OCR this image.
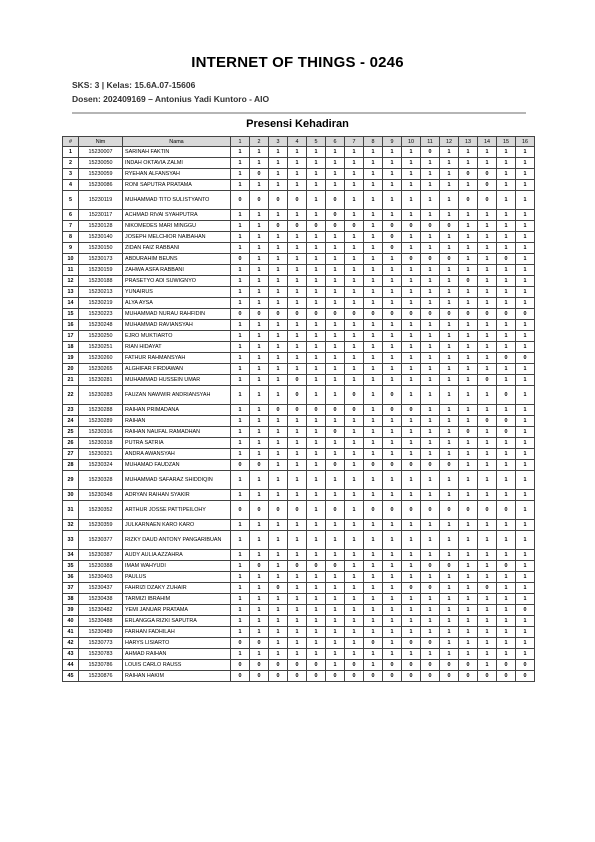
INTERNET OF THINGS - 0246
SKS: 3 | Kelas: 15.6A.07-15606
Dosen: 202409169 – Antonius Yadi Kuntoro - AIO
Presensi Kehadiran
#	Nim	Nama	1	2	3	4	5	6	7	8	9	10	11	12	13	14	15	16	
1	15230007	SARINAH FAKTIN	1	1	1	1	1	1	1	1	1	1	0	1	1	1	1	1	
2	15230050	INDAH OKTAVIA ZALMI	1	1	1	1	1	1	1	1	1	1	1	1	1	1	1	1	
3	15230059	RYEHAN ALFANSYAH	1	0	1	1	1	1	1	1	1	1	1	1	0	0	1	1	
4	15230086	RONI SAPUTRA PRATAMA	1	1	1	1	1	1	1	1	1	1	1	1	1	0	1	1	
5	15230119	MUHAMMAD TITO SULISTYANTO	0	0	0	0	1	0	1	1	1	1	1	1	0	0	1	1	
6	15230117	ACHMAD RIVAI SYAHPUTRA	1	1	1	1	1	0	1	1	1	1	1	1	1	1	1	1	
7	15230128	NIKOMEDES MARI MINGGU	1	1	0	0	0	0	0	1	0	0	0	0	1	1	1	1	
8	15230140	JOSEPH MELCHIOR NAIBAHAN	1	1	1	1	1	1	1	1	0	1	1	1	1	1	1	1	
9	15230150	ZIDAN FAIZ RABBANI	1	1	1	1	1	1	1	1	0	1	1	1	1	1	1	1	
10	15230173	ABDURAHIM BEUNS	0	1	1	1	1	1	1	1	1	0	0	0	1	1	0	1	
11	15230159	ZAHWA ASFA RABBANI	1	1	1	1	1	1	1	1	1	1	1	1	1	1	1	1	
12	15230188	PRASETYO ADI SUWIGNYO	1	1	1	1	1	1	1	1	1	1	1	1	0	1	1	1	
13	15230213	YUNAIRUS	1	1	1	1	1	1	1	1	1	1	1	1	1	1	1	1	
14	15230219	ALYA AYSA	1	1	1	1	1	1	1	1	1	1	1	1	1	1	1	1	
15	15230223	MUHAMMAD NURAU RAHFIDIN	0	0	0	0	0	0	0	0	0	0	0	0	0	0	0	0	
16	15230248	MUHAMMAD RAVIANSYAH	1	1	1	1	1	1	1	1	1	1	1	1	1	1	1	1	
17	15230250	EJRO MUKTIARTO	1	1	1	1	1	1	1	1	1	1	1	1	1	1	1	1	
18	15230251	RIAN HIDAYAT	1	1	1	1	1	1	1	1	1	1	1	1	1	1	1	1	
19	15230260	FATHUR RAHMANSYAH	1	1	1	1	1	1	1	1	1	1	1	1	1	1	0	0	
20	15230265	ALGHIFAR FIRDIAWAN	1	1	1	1	1	1	1	1	1	1	1	1	1	1	1	1	
21	15230281	MUHAMMAD HUSSEIN UMAR	1	1	1	0	1	1	1	1	1	1	1	1	1	0	1	1	
22	15230283	FAUZAN NAWWIR ANDRIANSYAH	1	1	1	0	1	1	0	1	0	1	1	1	1	1	0	1	
23	15230288	RAIHAN PRIMADANA	1	1	0	0	0	0	0	1	0	0	1	1	1	1	1	1	
24	15230289	RAIHAN	1	1	1	1	1	1	1	1	1	1	1	1	1	0	0	1	
25	15230316	RAIHAN NAUFAL RAMADHAN	1	1	1	1	1	0	1	1	1	1	1	1	0	1	0	1	
26	15230318	PUTRA SATRIA	1	1	1	1	1	1	1	1	1	1	1	1	1	1	1	1	
27	15230321	ANDRA AWANSYAH	1	1	1	1	1	1	1	1	1	1	1	1	1	1	1	1	
28	15230324	MUHAMAD FAUDZAN	0	0	1	1	1	0	1	0	0	0	0	0	1	1	1	1	
29	15230328	MUHAMMAD SAFARAZ SHIDDIQIN	1	1	1	1	1	1	1	1	1	1	1	1	1	1	1	1	
30	15230348	ADRYAN RAIHAN SYAKIR	1	1	1	1	1	1	1	1	1	1	1	1	1	1	1	1	
31	15230352	ARTHUR JOSSE PATTIPEILOHY	0	0	0	0	1	0	1	0	0	0	0	0	0	0	0	1	
32	15230359	JULKARNAEN KARO KARO	1	1	1	1	1	1	1	1	1	1	1	1	1	1	1	1	
33	15230377	RIZKY DAUD ANTONY PANGARIBUAN	1	1	1	1	1	1	1	1	1	1	1	1	1	1	1	1	
34	15230387	AUDY AULIA AZZAHRA	1	1	1	1	1	1	1	1	1	1	1	1	1	1	1	1	
35	15230388	IMAM WAHYUDI	1	0	1	0	0	0	1	1	1	1	0	0	1	1	0	1	
36	15230403	PAULUS	1	1	1	1	1	1	1	1	1	1	1	1	1	1	1	1	
37	15230437	FAHRIZI DZAKY ZUHAIR	1	1	0	1	1	1	1	1	1	0	0	1	1	0	1	1	
38	15230438	TARMIZI IBRAHIM	1	1	1	1	1	1	1	1	1	1	1	1	1	1	1	1	
39	15230482	YEMI JANUAR PRATAMA	1	1	1	1	1	1	1	1	1	1	1	1	1	1	1	0	
40	15230488	ERLANGGA RIZKI SAPUTRA	1	1	1	1	1	1	1	1	1	1	1	1	1	1	1	1	
41	15230489	FARHAN FADHILAH	1	1	1	1	1	1	1	1	1	1	1	1	1	1	1	1	
42	15230773	HARYS LISIARTO	0	0	1	1	1	1	1	0	1	0	0	1	1	1	1	1	
43	15230783	AHMAD RAIHAN	1	1	1	1	1	1	1	1	1	1	1	1	1	1	1	1	
44	15230786	LOUIS CARLO RAUSS	0	0	0	0	0	1	0	1	0	0	0	0	0	1	0	0	
45	15230876	RAIHAN HAKIM	0	0	0	0	0	0	0	0	0	0	0	0	0	0	0	0	
